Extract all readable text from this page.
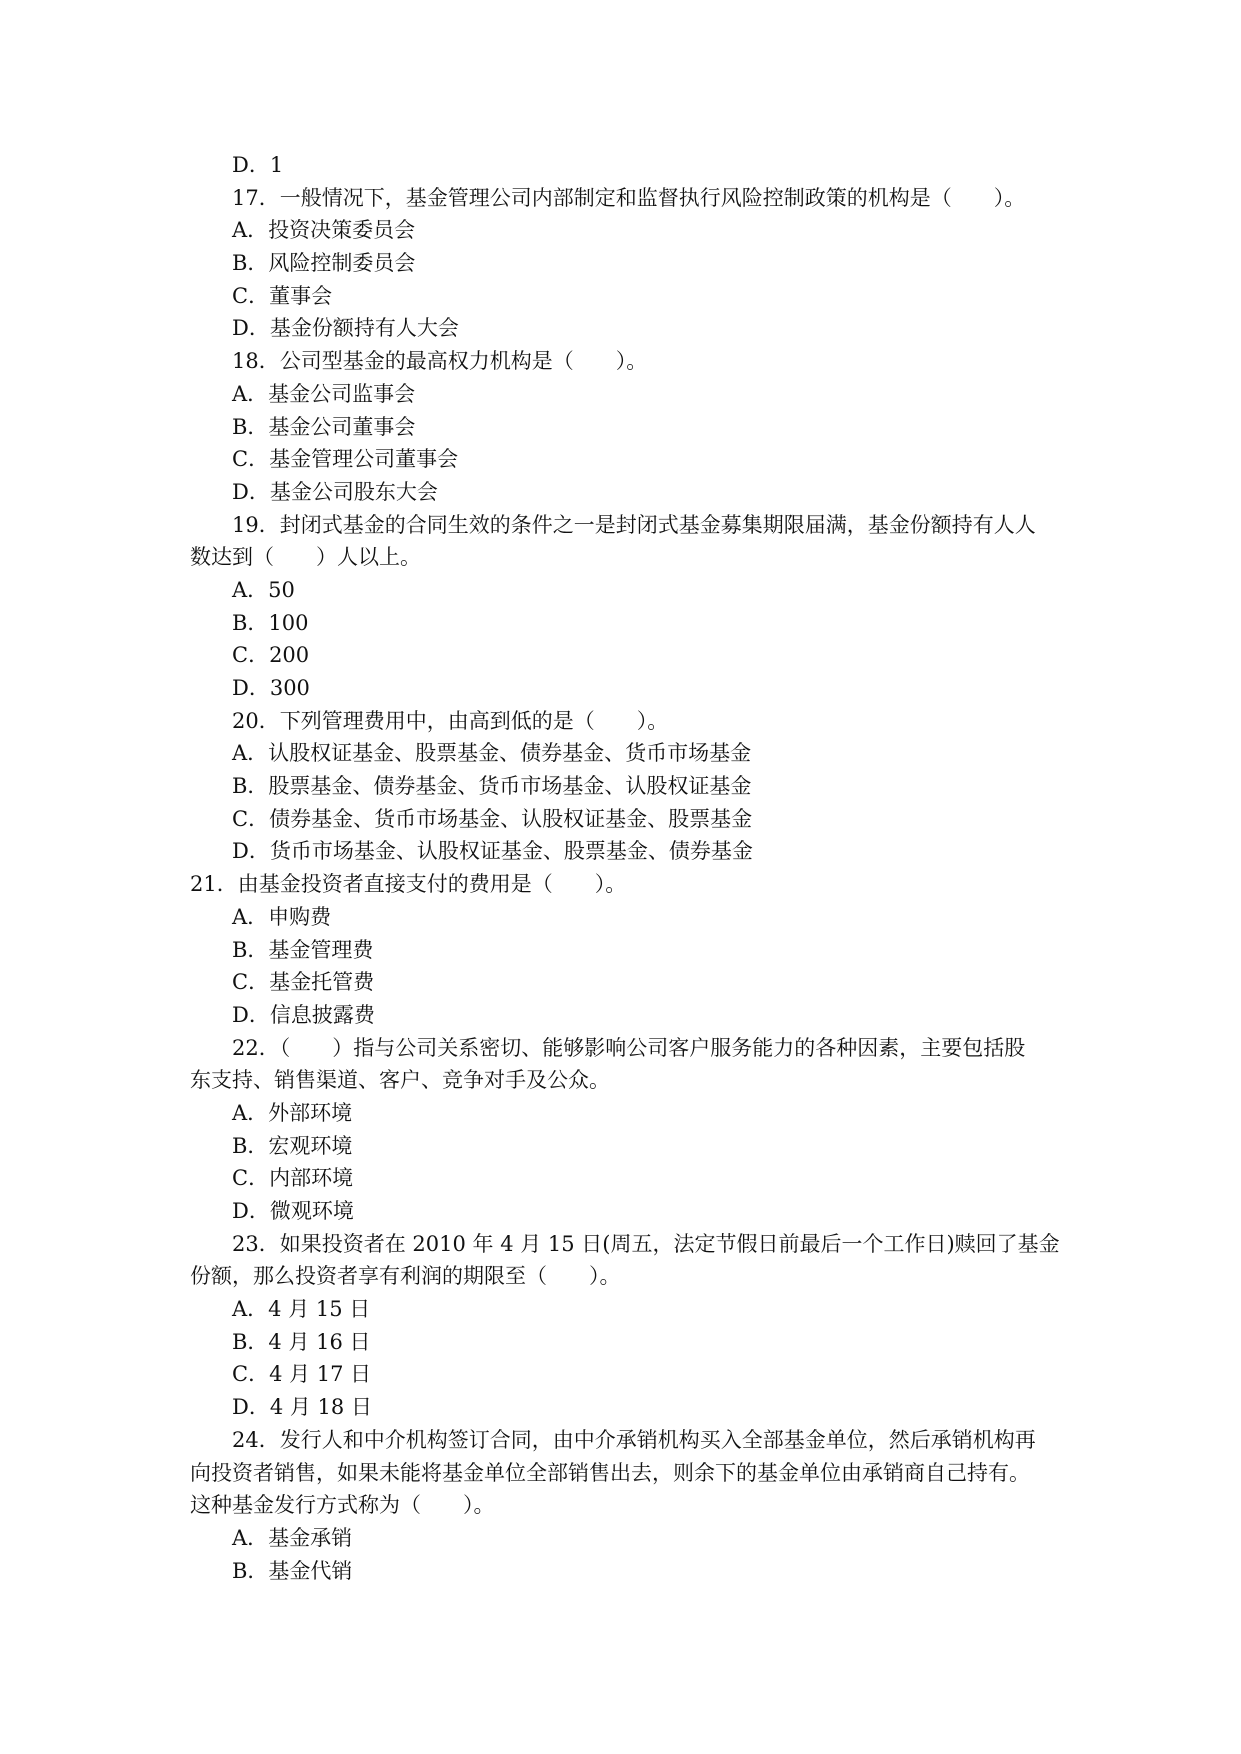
D．1
17．一般情况下，基金管理公司内部制定和监督执行风险控制政策的机构是（　　）。
A．投资决策委员会
B．风险控制委员会
C．董事会
D．基金份额持有人大会
18．公司型基金的最高权力机构是（　　）。
A．基金公司监事会
B．基金公司董事会
C．基金管理公司董事会
D．基金公司股东大会
19．封闭式基金的合同生效的条件之一是封闭式基金募集期限届满，基金份额持有人人
数达到（　　）人以上。
A．50
B．100
C．200
D．300
20．下列管理费用中，由高到低的是（　　）。
A．认股权证基金、股票基金、债券基金、货币市场基金
B．股票基金、债券基金、货币市场基金、认股权证基金
C．债券基金、货币市场基金、认股权证基金、股票基金
D．货币市场基金、认股权证基金、股票基金、债券基金
21．由基金投资者直接支付的费用是（　　）。
A．申购费
B．基金管理费
C．基金托管费
D．信息披露费
22．（　　）指与公司关系密切、能够影响公司客户服务能力的各种因素，主要包括股
东支持、销售渠道、客户、竞争对手及公众。
A．外部环境
B．宏观环境
C．内部环境
D．微观环境
23．如果投资者在 2010 年 4 月 15 日(周五，法定节假日前最后一个工作日)赎回了基金
份额，那么投资者享有利润的期限至（　　）。
A．4 月 15 日
B．4 月 16 日
C．4 月 17 日
D．4 月 18 日
24．发行人和中介机构签订合同，由中介承销机构买入全部基金单位，然后承销机构再
向投资者销售，如果未能将基金单位全部销售出去，则余下的基金单位由承销商自己持有。
这种基金发行方式称为（　　）。
A．基金承销
B．基金代销
